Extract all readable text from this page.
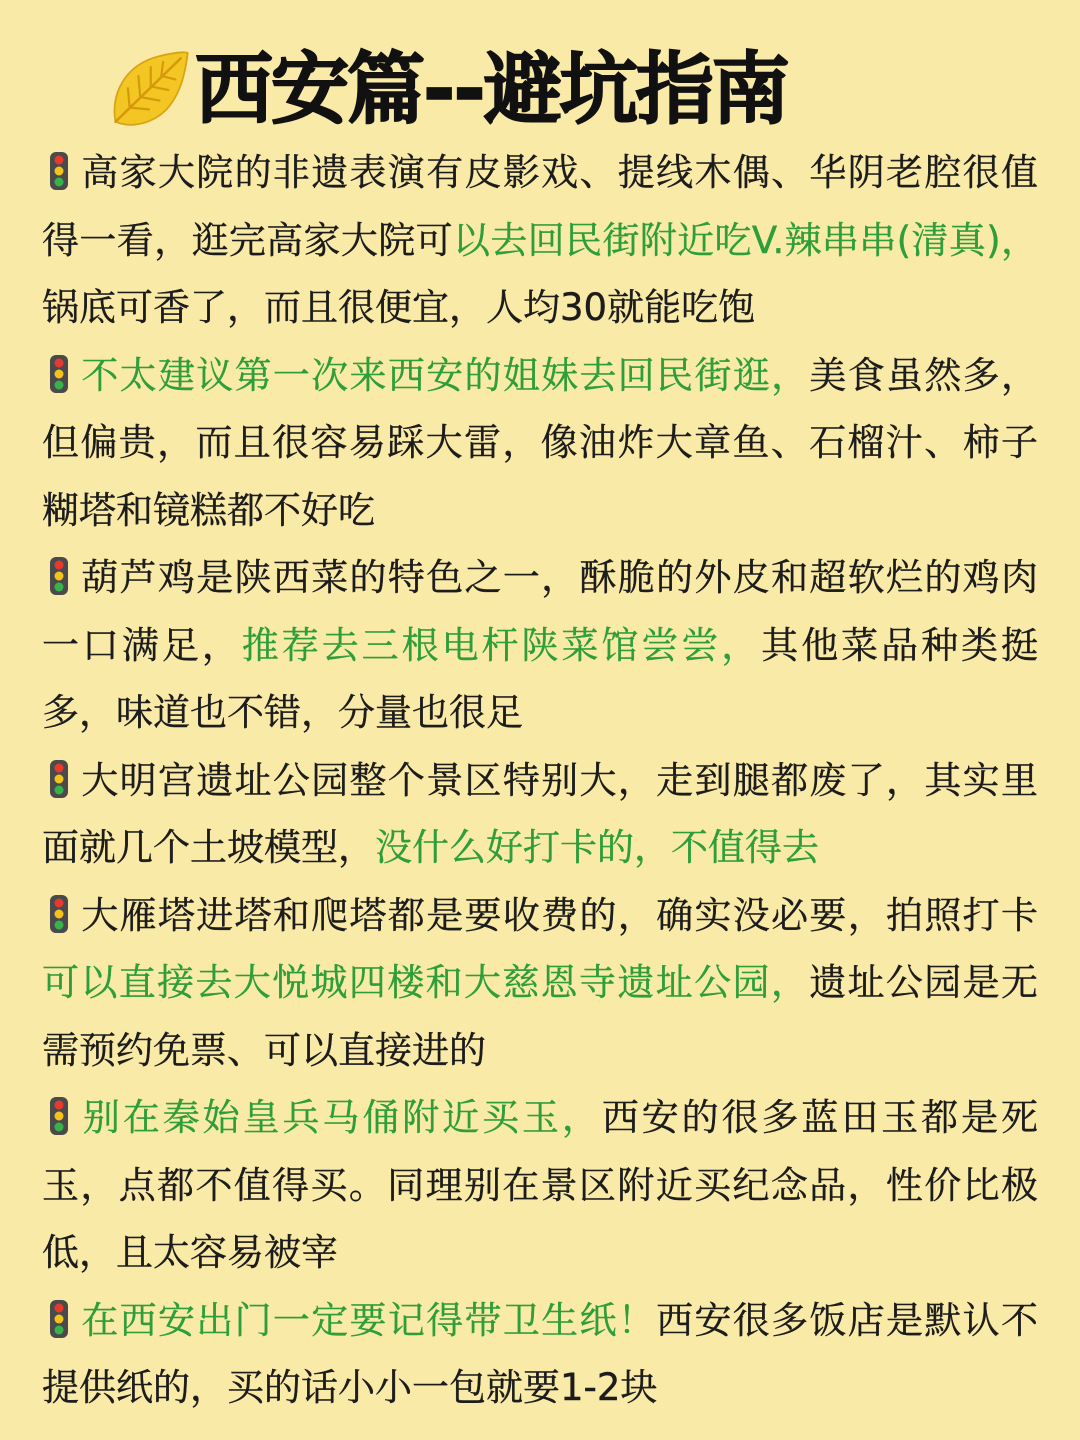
西安篇--避坑指南

高家大院的非遗表演有皮影戏、提线木偶、华阴老腔很值得一看，逛完高家大院可以去回民街附近吃V.辣串串(清真)，锅底可香了，而且很便宜，人均30就能吃饱

不太建议第一次来西安的姐妹去回民街逛，美食虽然多，但偏贵，而且很容易踩大雷，像油炸大章鱼、石榴汁、柿子糊塔和镜糕都不好吃

葫芦鸡是陕西菜的特色之一，酥脆的外皮和超软烂的鸡肉一口满足，推荐去三根电杆陕菜馆尝尝，其他菜品种类挺多，味道也不错，分量也很足

大明宫遗址公园整个景区特别大，走到腿都废了，其实里面就几个土坡模型，没什么好打卡的，不值得去

大雁塔进塔和爬塔都是要收费的，确实没必要，拍照打卡可以直接去大悦城四楼和大慈恩寺遗址公园，遗址公园是无需预约免票、可以直接进的

别在秦始皇兵马俑附近买玉，西安的很多蓝田玉都是死玉，点都不值得买。同理别在景区附近买纪念品，性价比极低，且太容易被宰

在西安出门一定要记得带卫生纸！西安很多饭店是默认不提供纸的，买的话小小一包就要1-2块
